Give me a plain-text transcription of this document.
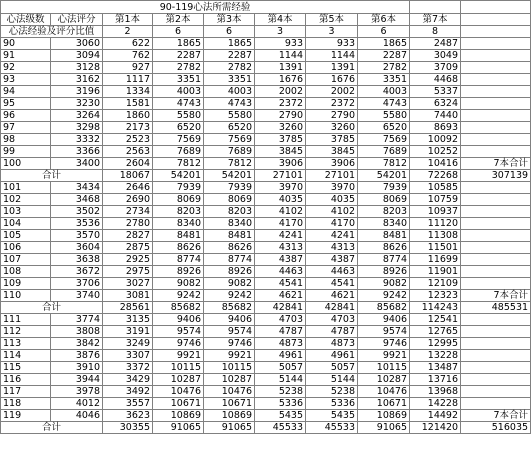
90-119心法所需经验									
心法级数	心法评分	第1本	第2本	第3本	第4本	第5本	第6本	第7本	
心法经验及评分比值		2	6	6	3	3	6	8	
90	3060	622	1865	1865	933	933	1865	2487	
91	3094	762	2287	2287	1144	1144	2287	3049	
92	3128	927	2782	2782	1391	1391	2782	3709	
93	3162	1117	3351	3351	1676	1676	3351	4468	
94	3196	1334	4003	4003	2002	2002	4003	5337	
95	3230	1581	4743	4743	2372	2372	4743	6324	
96	3264	1860	5580	5580	2790	2790	5580	7440	
97	3298	2173	6520	6520	3260	3260	6520	8693	
98	3332	2523	7569	7569	3785	3785	7569	10092	
99	3366	2563	7689	7689	3845	3845	7689	10252	
100	3400	2604	7812	7812	3906	3906	7812	10416	7本合计
合计		18067	54201	54201	27101	27101	54201	72268	307139
101	3434	2646	7939	7939	3970	3970	7939	10585	
102	3468	2690	8069	8069	4035	4035	8069	10759	
103	3502	2734	8203	8203	4102	4102	8203	10937	
104	3536	2780	8340	8340	4170	4170	8340	11120	
105	3570	2827	8481	8481	4241	4241	8481	11308	
106	3604	2875	8626	8626	4313	4313	8626	11501	
107	3638	2925	8774	8774	4387	4387	8774	11699	
108	3672	2975	8926	8926	4463	4463	8926	11901	
109	3706	3027	9082	9082	4541	4541	9082	12109	
110	3740	3081	9242	9242	4621	4621	9242	12323	7本合计
合计		28561	85682	85682	42841	42841	85682	114243	485531
111	3774	3135	9406	9406	4703	4703	9406	12541	
112	3808	3191	9574	9574	4787	4787	9574	12765	
113	3842	3249	9746	9746	4873	4873	9746	12995	
114	3876	3307	9921	9921	4961	4961	9921	13228	
115	3910	3372	10115	10115	5057	5057	10115	13487	
116	3944	3429	10287	10287	5144	5144	10287	13716	
117	3978	3492	10476	10476	5238	5238	10476	13968	
118	4012	3557	10671	10671	5336	5336	10671	14228	
119	4046	3623	10869	10869	5435	5435	10869	14492	7本合计
合计		30355	91065	91065	45533	45533	91065	121420	516035
